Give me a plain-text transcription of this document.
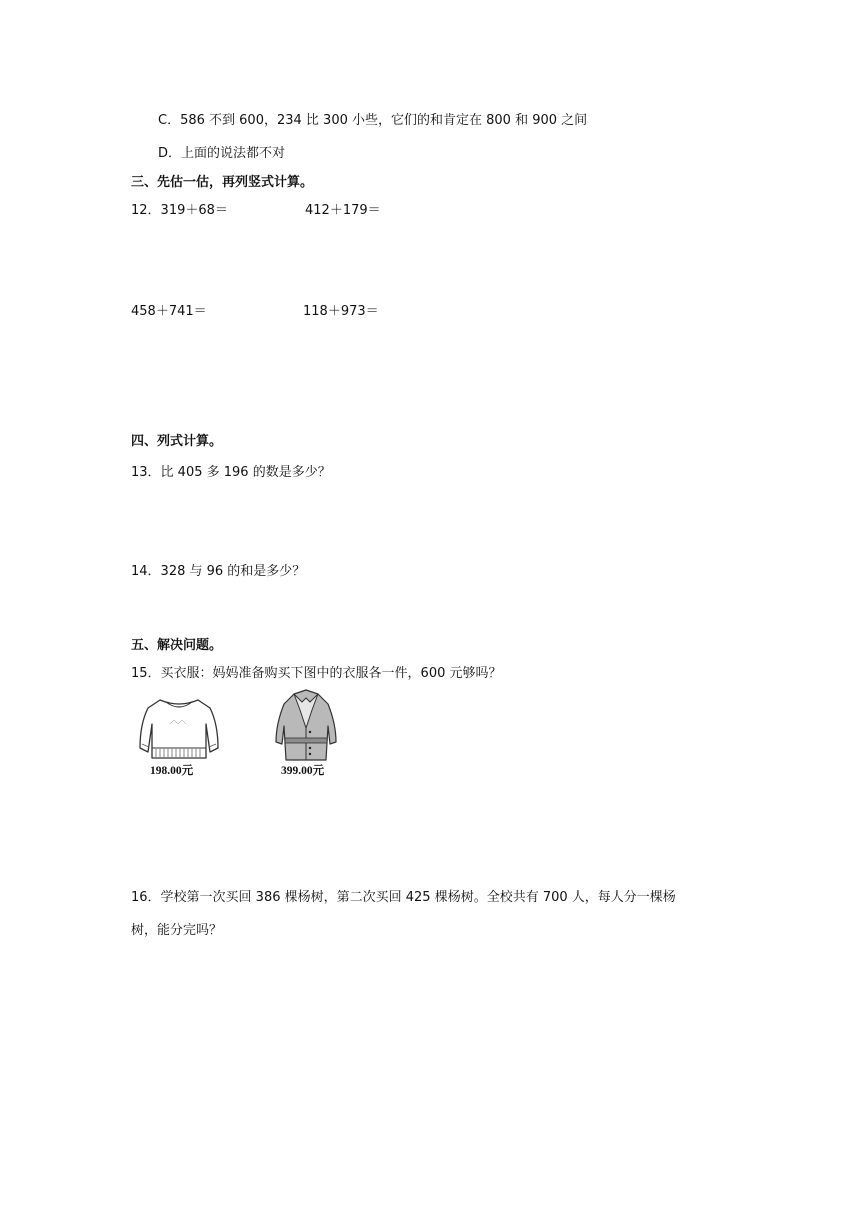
C．586 不到 600，234 比 300 小些，它们的和肯定在 800 和 900 之间
D．上面的说法都不对
三、先估一估，再列竖式计算。
12．319＋68＝	412＋179＝
458＋741＝	118＋973＝
四、列式计算。
13．比 405 多 196 的数是多少？
14．328 与 96 的和是多少？
五、解决问题。
15．买衣服：妈妈准备购买下图中的衣服各一件，600 元够吗？
198.00元	399.00元
16．学校第一次买回 386 棵杨树，第二次买回 425 棵杨树。全校共有 700 人，每人分一棵杨
树，能分完吗？
